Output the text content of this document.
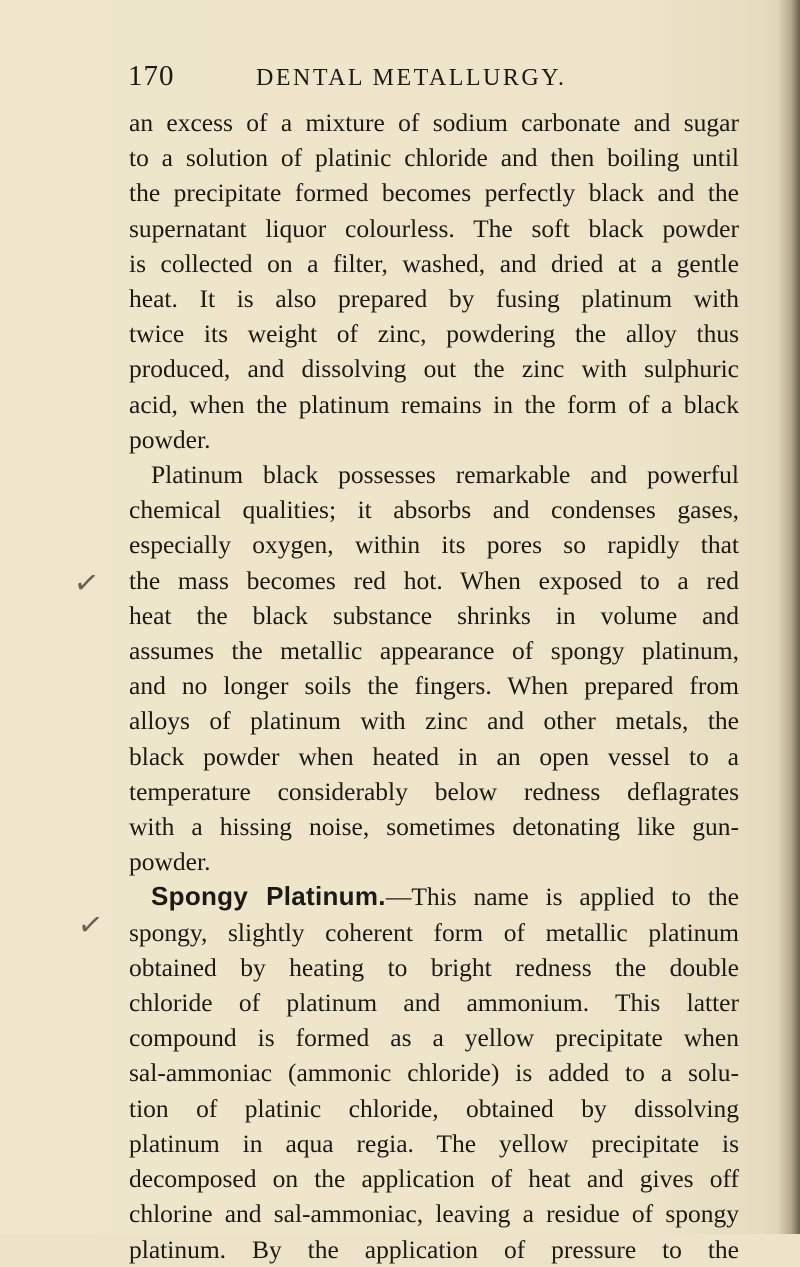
170	DENTAL METALLURGY.
✓
✓
an excess of a mixture of sodium carbonate and sugar
to a solution of platinic chloride and then boiling until
the precipitate formed becomes perfectly black and the
supernatant liquor colourless. The soft black powder
is collected on a filter, washed, and dried at a gentle
heat. It is also prepared by fusing platinum with
twice its weight of zinc, powdering the alloy thus
produced, and dissolving out the zinc with sulphuric
acid, when the platinum remains in the form of a black
powder.
Platinum black possesses remarkable and powerful
chemical qualities; it absorbs and condenses gases,
especially oxygen, within its pores so rapidly that
the mass becomes red hot. When exposed to a red
heat the black substance shrinks in volume and
assumes the metallic appearance of spongy platinum,
and no longer soils the fingers. When prepared from
alloys of platinum with zinc and other metals, the
black powder when heated in an open vessel to a
temperature considerably below redness deflagrates
with a hissing noise, sometimes detonating like gun-
powder.
Spongy Platinum.—This name is applied to the
spongy, slightly coherent form of metallic platinum
obtained by heating to bright redness the double
chloride of platinum and ammonium. This latter
compound is formed as a yellow precipitate when
sal-ammoniac (ammonic chloride) is added to a solu-
tion of platinic chloride, obtained by dissolving
platinum in aqua regia. The yellow precipitate is
decomposed on the application of heat and gives off
chlorine and sal-ammoniac, leaving a residue of spongy
platinum. By the application of pressure to the
